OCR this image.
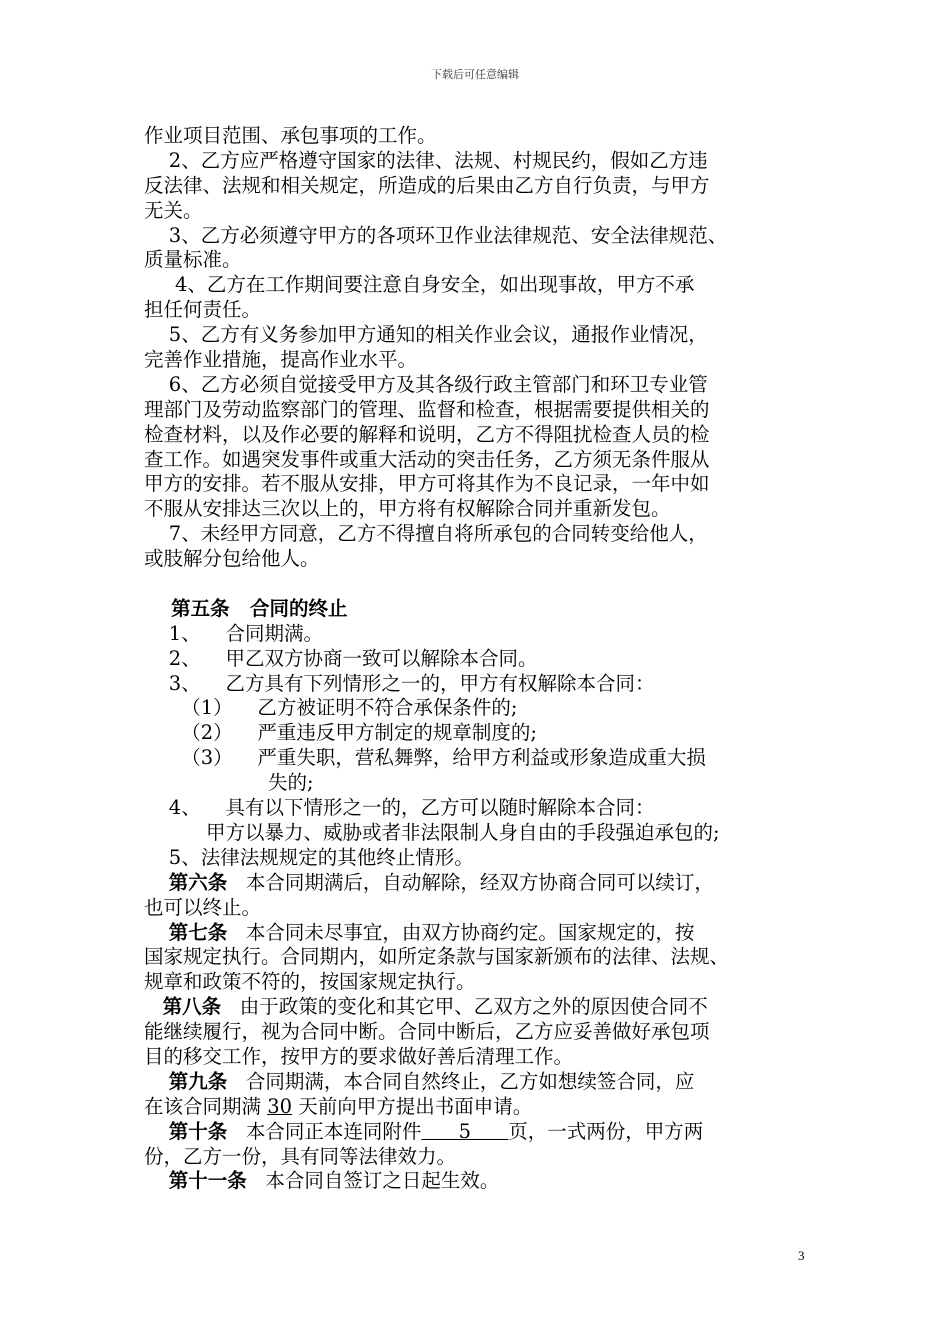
下载后可任意编辑
作业项目范围、承包事项的工作。
2、乙方应严格遵守国家的法律、法规、村规民约，假如乙方违
反法律、法规和相关规定，所造成的后果由乙方自行负责，与甲方
无关。
3、乙方必须遵守甲方的各项环卫作业法律规范、安全法律规范、
质量标准。
4、乙方在工作期间要注意自身安全，如出现事故，甲方不承
担任何责任。
5、乙方有义务参加甲方通知的相关作业会议，通报作业情况，
完善作业措施，提高作业水平。
6、乙方必须自觉接受甲方及其各级行政主管部门和环卫专业管
理部门及劳动监察部门的管理、监督和检查，根据需要提供相关的
检查材料，以及作必要的解释和说明，乙方不得阻扰检查人员的检
查工作。如遇突发事件或重大活动的突击任务，乙方须无条件服从
甲方的安排。若不服从安排，甲方可将其作为不良记录，一年中如
不服从安排达三次以上的，甲方将有权解除合同并重新发包。
7、未经甲方同意，乙方不得擅自将所承包的合同转变给他人，
或肢解分包给他人。
第五条   合同的终止
1、    合同期满。
2、    甲乙双方协商一致可以解除本合同。
3、    乙方具有下列情形之一的，甲方有权解除本合同：
（1）    乙方被证明不符合承保条件的;
（2）    严重违反甲方制定的规章制度的;
（3）    严重失职，营私舞弊，给甲方利益或形象造成重大损
失的;
4、    具有以下情形之一的，乙方可以随时解除本合同：
甲方以暴力、威胁或者非法限制人身自由的手段强迫承包的;
5、法律法规规定的其他终止情形。
第六条   本合同期满后，自动解除，经双方协商合同可以续订，
也可以终止。
第七条   本合同未尽事宜，由双方协商约定。国家规定的，按
国家规定执行。合同期内，如所定条款与国家新颁布的法律、法规、
规章和政策不符的，按国家规定执行。
第八条   由于政策的变化和其它甲、乙双方之外的原因使合同不
能继续履行，视为合同中断。合同中断后，乙方应妥善做好承包项
目的移交工作，按甲方的要求做好善后清理工作。
第九条   合同期满，本合同自然终止，乙方如想续签合同，应
在该合同期满 30 天前向甲方提出书面申请。
第十条   本合同正本连同附件      5      页，一式两份，甲方两
份，乙方一份，具有同等法律效力。
第十一条   本合同自签订之日起生效。
3
